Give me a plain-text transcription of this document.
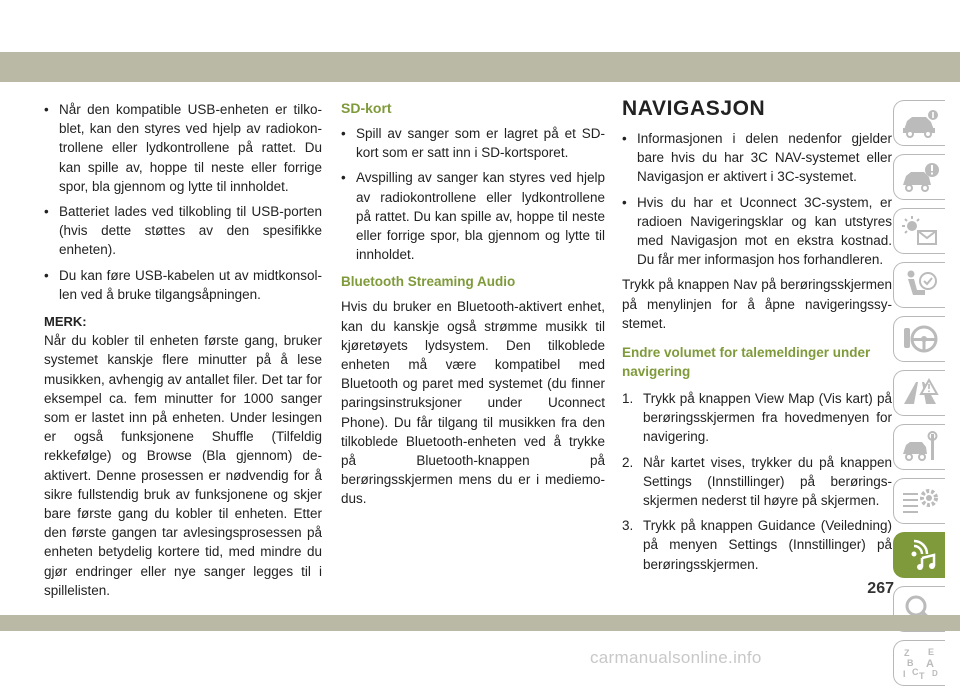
• Når den kompatible USB-enheten er tilkoblet, kan den styres ved hjelp av radiokontrollene eller lydkontrollene på rattet. Du kan spille av, hoppe til neste eller forrige spor, bla gjennom og lytte til innholdet.

• Batteriet lades ved tilkobling til USB-porten (hvis dette støttes av den spesifikke enheten).

• Du kan føre USB-kabelen ut av midtkonsollen ved å bruke tilgangsåpningen.

MERK:

Når du kobler til enheten første gang, bruker systemet kanskje flere minutter på å lese musikken, avhengig av antallet filer. Det tar for eksempel ca. fem minutter for 1000 sanger som er lastet inn på enheten. Under lesingen er også funksjonene Shuffle (Tilfeldig rekkefølge) og Browse (Bla gjennom) deaktivert. Denne prosessen er nødvendig for å sikre fullstendig bruk av funksjonene og skjer bare første gang du kobler til enheten. Etter den første gangen tar avlesingsprosessen på enheten betydelig kortere tid, med mindre du gjør endringer eller nye sanger legges til i spillelisten.

SD-kort

• Spill av sanger som er lagret på et SD-kort som er satt inn i SD-kortsporet.

• Avspilling av sanger kan styres ved hjelp av radiokontrollene eller lydkontrollene på rattet. Du kan spille av, hoppe til neste eller forrige spor, bla gjennom og lytte til innholdet.

Bluetooth Streaming Audio

Hvis du bruker en Bluetooth-aktivert enhet, kan du kanskje også strømme musikk til kjøretøyets lydsystem. Den tilkoblede enheten må være kompatibel med Bluetooth og paret med systemet (du finner paringsinstruksjoner under Uconnect Phone). Du får tilgang til musikken fra den tilkoblede Bluetooth-enheten ved å trykke på Bluetooth-knappen på berøringsskjermen mens du er i mediemodus.

NAVIGASJON

• Informasjonen i delen nedenfor gjelder bare hvis du har 3C NAV-systemet eller Navigasjon er aktivert i 3C-systemet.

• Hvis du har et Uconnect 3C-system, er radioen Navigeringsklar og kan utstyres med Navigasjon mot en ekstra kostnad. Du får mer informasjon hos forhandleren.

Trykk på knappen Nav på berøringsskjermen på menylinjen for å åpne navigeringssystemet.

Endre volumet for talemeldinger under navigering

1. Trykk på knappen View Map (Vis kart) på berøringsskjermen fra hovedmenyen for navigering.

2. Når kartet vises, trykker du på knappen Settings (Innstillinger) på berøringsskjermen nederst til høyre på skjermen.

3. Trykk på knappen Guidance (Veiledning) på menyen Settings (Innstillinger) på berøringsskjermen.

Z E
B A
I C D
T
267
carmanualsonline.info
